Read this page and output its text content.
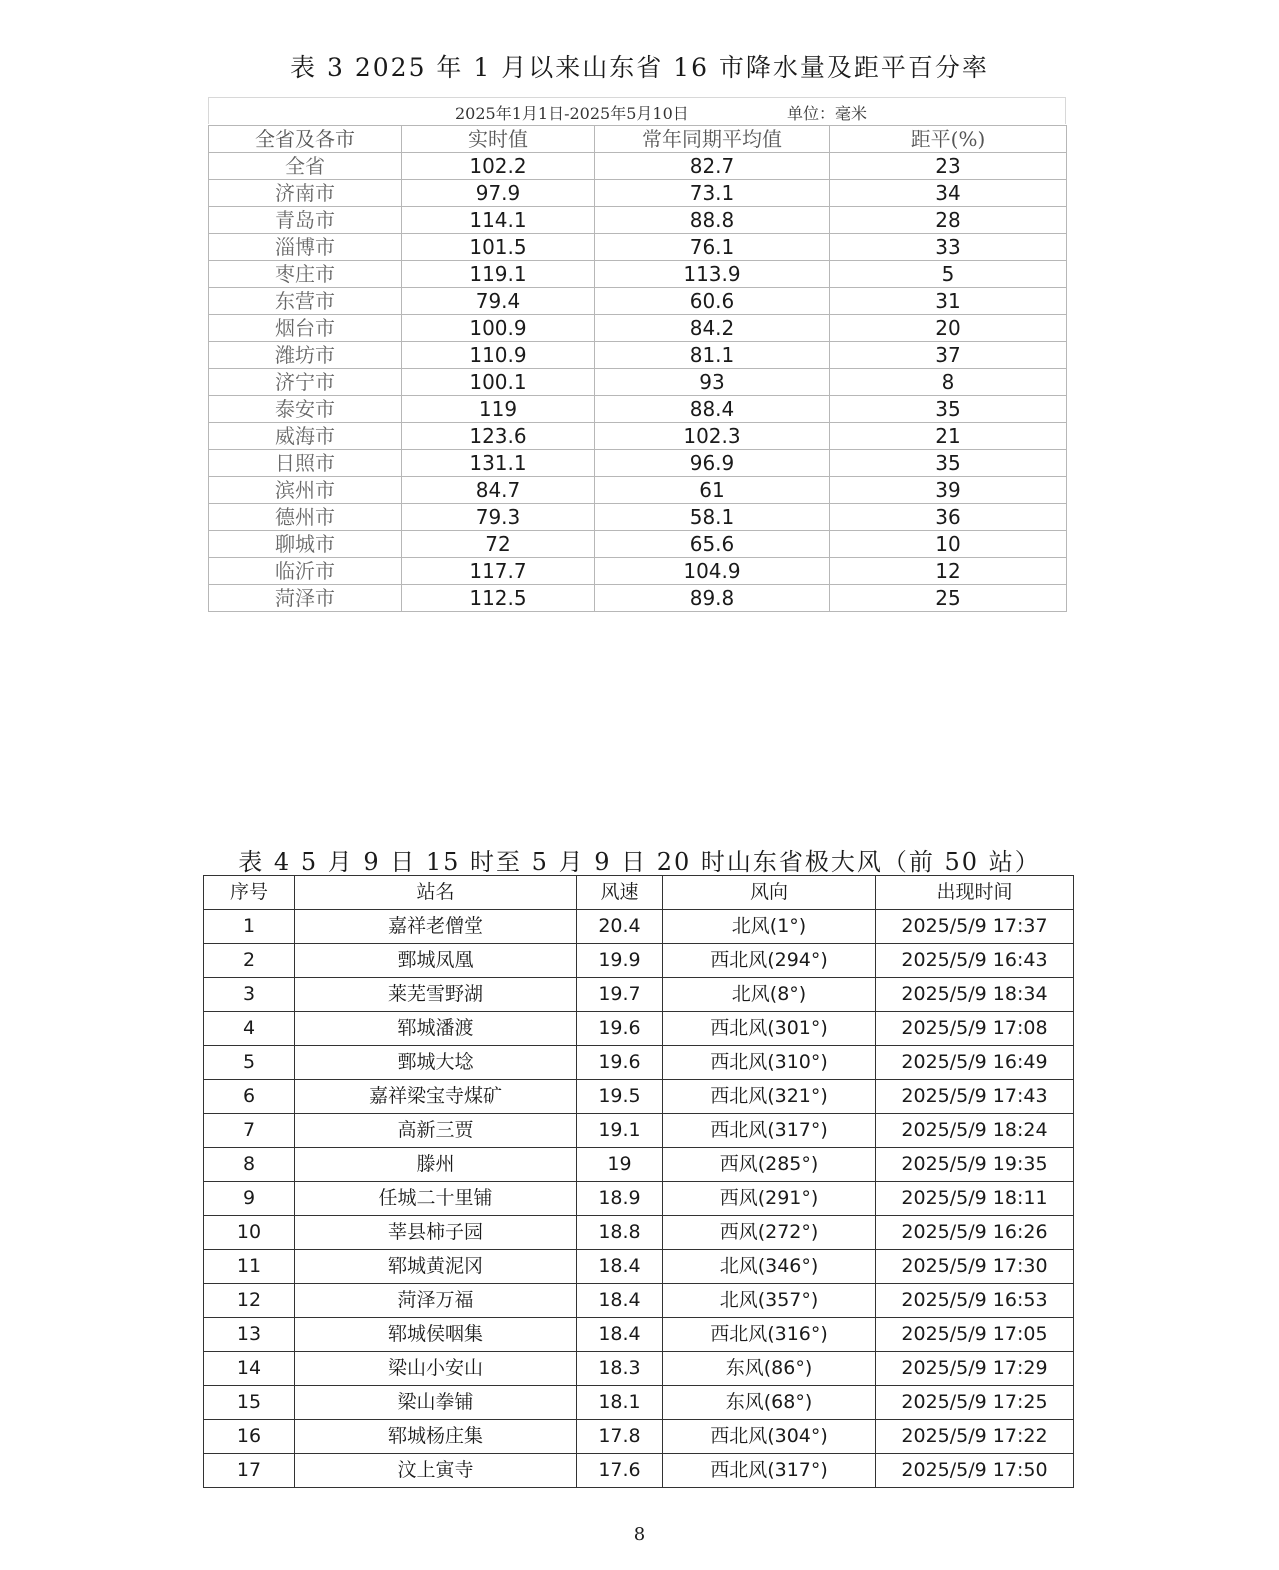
表 3 2025 年 1 月以来山东省 16 市降水量及距平百分率
2025年1月1日-2025年5月10日	单位：毫米
全省及各市	实时值	常年同期平均值	距平(%)
全省	102.2	82.7	23
济南市	97.9	73.1	34
青岛市	114.1	88.8	28
淄博市	101.5	76.1	33
枣庄市	119.1	113.9	5
东营市	79.4	60.6	31
烟台市	100.9	84.2	20
潍坊市	110.9	81.1	37
济宁市	100.1	93	8
泰安市	119	88.4	35
威海市	123.6	102.3	21
日照市	131.1	96.9	35
滨州市	84.7	61	39
德州市	79.3	58.1	36
聊城市	72	65.6	10
临沂市	117.7	104.9	12
菏泽市	112.5	89.8	25
表 4 5 月 9 日 15 时至 5 月 9 日 20 时山东省极大风（前 50 站）
序号	站名	风速	风向	出现时间
1	嘉祥老僧堂	20.4	北风(1°)	2025/5/9 17:37
2	鄄城凤凰	19.9	西北风(294°)	2025/5/9 16:43
3	莱芜雪野湖	19.7	北风(8°)	2025/5/9 18:34
4	郓城潘渡	19.6	西北风(301°)	2025/5/9 17:08
5	鄄城大埝	19.6	西北风(310°)	2025/5/9 16:49
6	嘉祥梁宝寺煤矿	19.5	西北风(321°)	2025/5/9 17:43
7	高新三贾	19.1	西北风(317°)	2025/5/9 18:24
8	滕州	19	西风(285°)	2025/5/9 19:35
9	任城二十里铺	18.9	西风(291°)	2025/5/9 18:11
10	莘县柿子园	18.8	西风(272°)	2025/5/9 16:26
11	郓城黄泥冈	18.4	北风(346°)	2025/5/9 17:30
12	菏泽万福	18.4	北风(357°)	2025/5/9 16:53
13	郓城侯咽集	18.4	西北风(316°)	2025/5/9 17:05
14	梁山小安山	18.3	东风(86°)	2025/5/9 17:29
15	梁山拳铺	18.1	东风(68°)	2025/5/9 17:25
16	郓城杨庄集	17.8	西北风(304°)	2025/5/9 17:22
17	汶上寅寺	17.6	西北风(317°)	2025/5/9 17:50
8
